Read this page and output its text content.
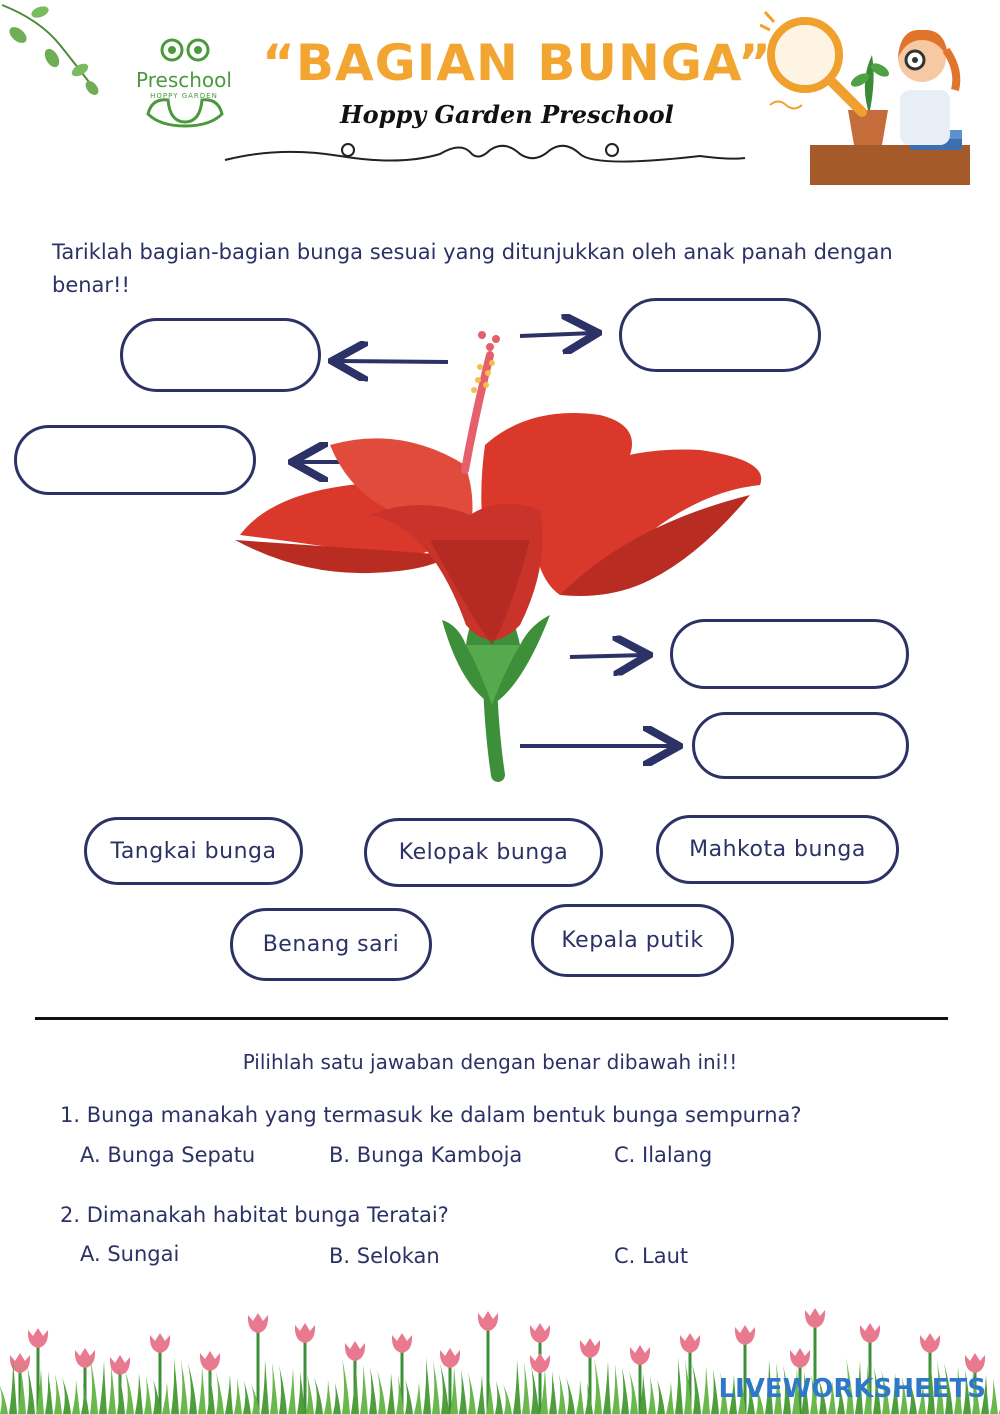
Preschool
HOPPY GARDEN
“BAGIAN BUNGA”
Hoppy Garden Preschool
Tariklah bagian-bagian bunga sesuai yang ditunjukkan oleh anak panah dengan benar!!
Tangkai bunga	Kelopak bunga	Mahkota bunga
Benang sari	Kepala putik
Pilihlah satu jawaban dengan benar dibawah ini!!
1. Bunga manakah yang termasuk ke dalam bentuk bunga sempurna?
A. Bunga Sepatu	B. Bunga Kamboja	C. Ilalang
2. Dimanakah habitat bunga Teratai?
A. Sungai	B. Selokan	C. Laut
LIVEWORKSHEETS
